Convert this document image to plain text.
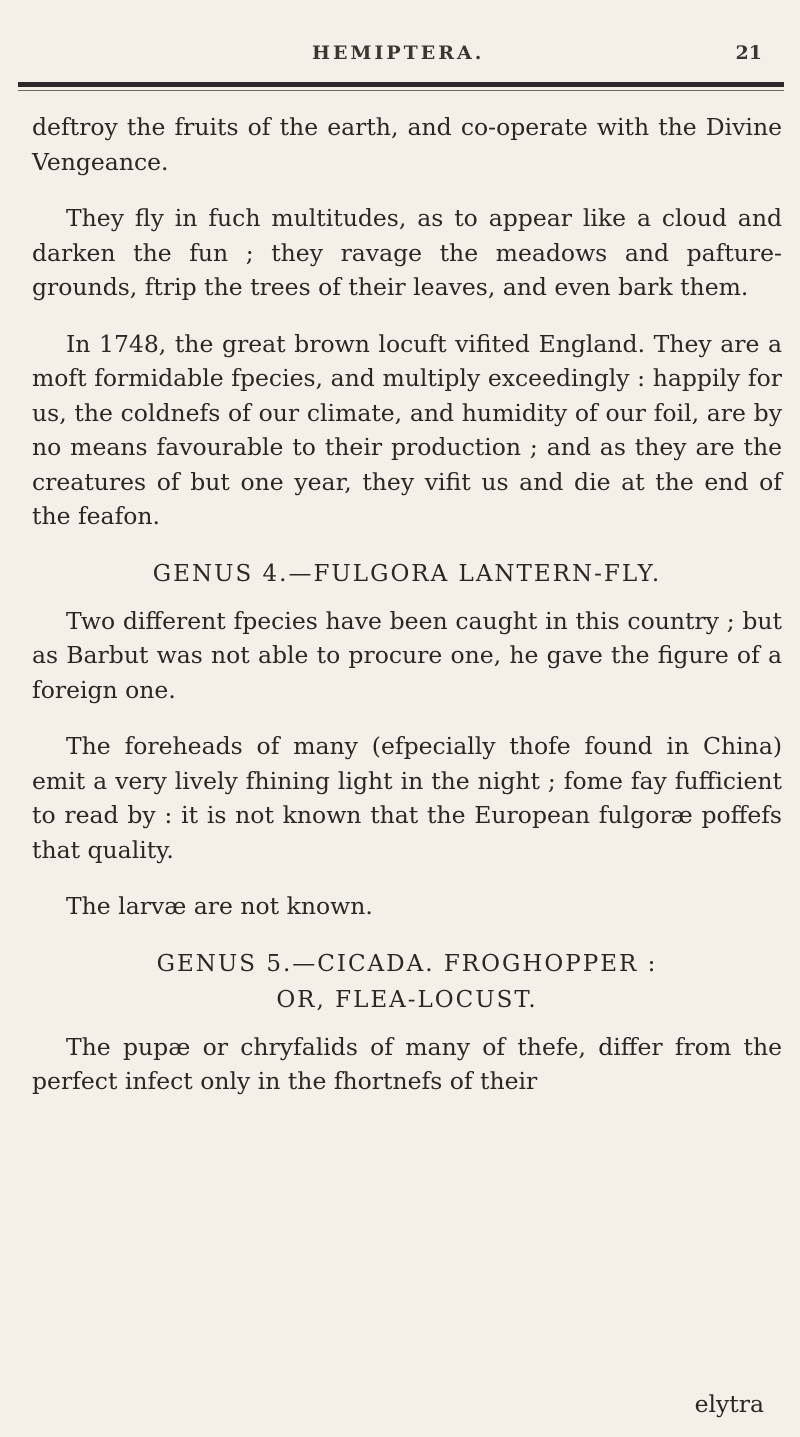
HEMIPTERA.	21

deftroy the fruits of the earth, and co-operate with the Divine Vengeance.

They fly in fuch multitudes, as to appear like a cloud and darken the fun ; they ravage the meadows and pafture-grounds, ftrip the trees of their leaves, and even bark them.

In 1748, the great brown locuft vifited England. They are a moft formidable fpecies, and multiply exceedingly : happily for us, the coldnefs of our climate, and humidity of our foil, are by no means favourable to their production ; and as they are the creatures of but one year, they vifit us and die at the end of the feafon.

GENUS 4.—FULGORA LANTERN-FLY.

Two different fpecies have been caught in this country ; but as Barbut was not able to procure one, he gave the figure of a foreign one.

The foreheads of many (efpecially thofe found in China) emit a very lively fhining light in the night ; fome fay fufficient to read by : it is not known that the European fulgoræ poffefs that quality.

The larvæ are not known.

GENUS 5.—CICADA. FROGHOPPER :
OR, FLEA-LOCUST.

The pupæ or chryfalids of many of thefe, differ from the perfect infect only in the fhortnefs of their

elytra
